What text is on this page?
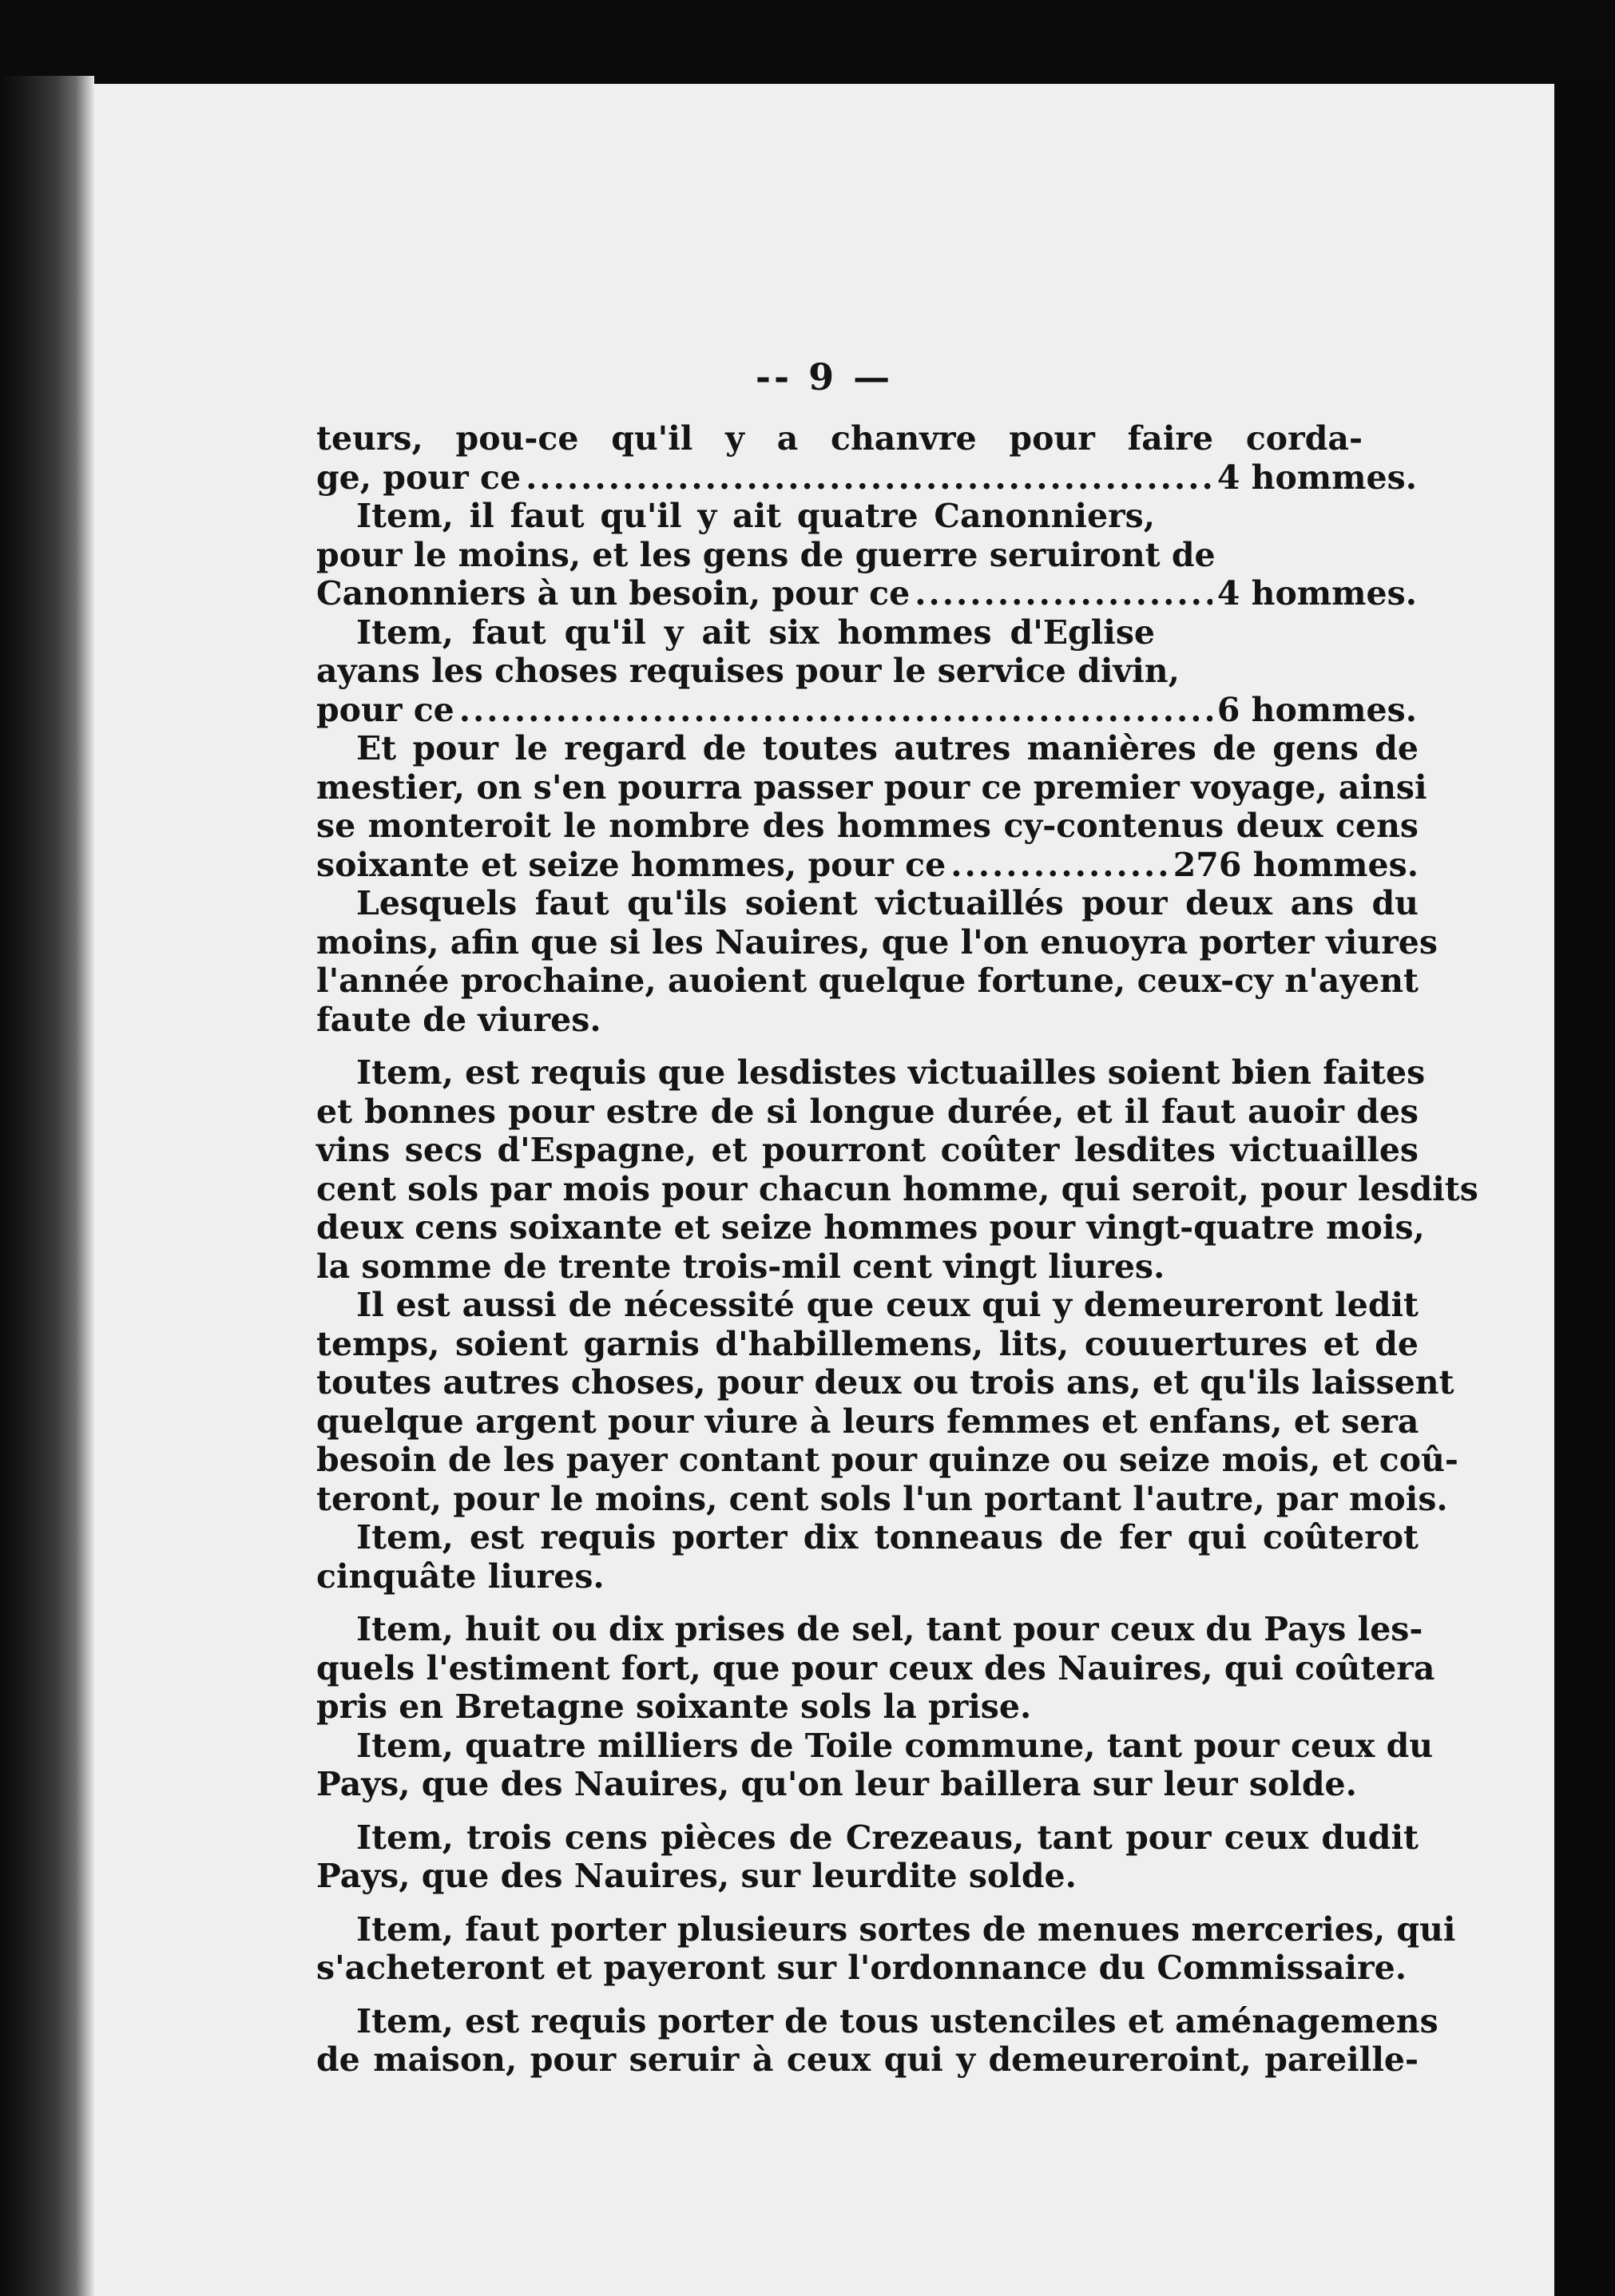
-- 9 —
teurs, pou-ce qu'il y a chanvre pour faire corda-
ge, pour ce .....	4 hommes.
Item, il faut qu'il y ait quatre Canonniers,
pour le moins, et les gens de guerre seruiront de
Canonniers à un besoin, pour ce .....	4 hommes.
Item, faut qu'il y ait six hommes d'Eglise
ayans les choses requises pour le service divin,
pour ce .....	6 hommes.
Et pour le regard de toutes autres manières de gens de
mestier, on s'en pourra passer pour ce premier voyage, ainsi
se monteroit le nombre des hommes cy-contenus deux cens
soixante et seize hommes, pour ce .....	276 hommes.
Lesquels faut qu'ils soient victuaillés pour deux ans du
moins, afin que si les Nauires, que l'on enuoyra porter viures
l'année prochaine, auoient quelque fortune, ceux-cy n'ayent
faute de viures.
Item, est requis que lesdistes victuailles soient bien faites
et bonnes pour estre de si longue durée, et il faut auoir des
vins secs d'Espagne, et pourront coûter lesdites victuailles
cent sols par mois pour chacun homme, qui seroit, pour lesdits
deux cens soixante et seize hommes pour vingt-quatre mois,
la somme de trente trois-mil cent vingt liures.
Il est aussi de nécessité que ceux qui y demeureront ledit
temps, soient garnis d'habillemens, lits, couuertures et de
toutes autres choses, pour deux ou trois ans, et qu'ils laissent
quelque argent pour viure à leurs femmes et enfans, et sera
besoin de les payer contant pour quinze ou seize mois, et coû-
teront, pour le moins, cent sols l'un portant l'autre, par mois.
Item, est requis porter dix tonneaus de fer qui coûterot
cinquâte liures.
Item, huit ou dix prises de sel, tant pour ceux du Pays les-
quels l'estiment fort, que pour ceux des Nauires, qui coûtera
pris en Bretagne soixante sols la prise.
Item, quatre milliers de Toile commune, tant pour ceux du
Pays, que des Nauires, qu'on leur baillera sur leur solde.
Item, trois cens pièces de Crezeaus, tant pour ceux dudit
Pays, que des Nauires, sur leurdite solde.
Item, faut porter plusieurs sortes de menues merceries, qui
s'acheteront et payeront sur l'ordonnance du Commissaire.
Item, est requis porter de tous ustenciles et aménagemens
de maison, pour seruir à ceux qui y demeureroint, pareille-
